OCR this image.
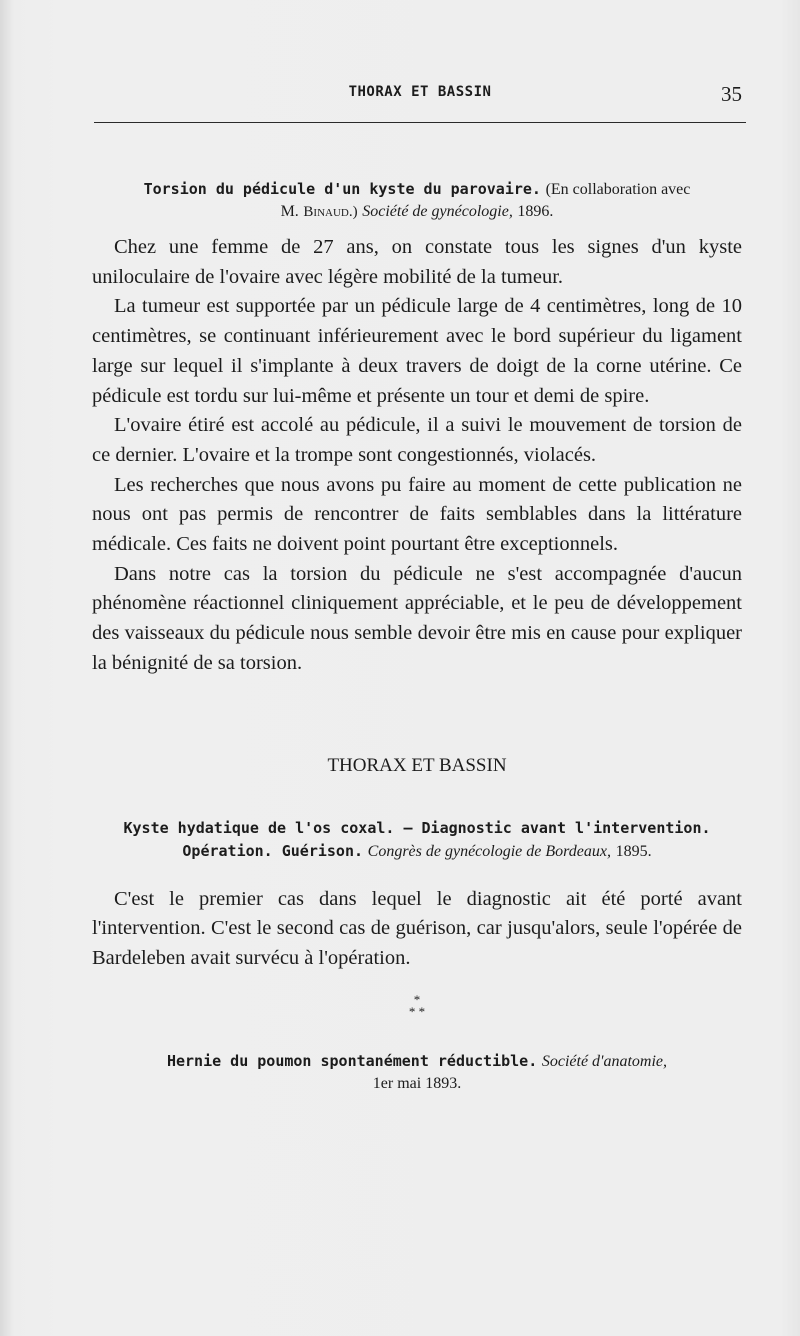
THORAX ET BASSIN	35
Torsion du pédicule d'un kyste du parovaire. (En collaboration avec
M. Binaud.) Société de gynécologie, 1896.

Chez une femme de 27 ans, on constate tous les signes d'un kyste uniloculaire de l'ovaire avec légère mobilité de la tumeur.

La tumeur est supportée par un pédicule large de 4 centimètres, long de 10 centimètres, se continuant inférieurement avec le bord supérieur du ligament large sur lequel il s'implante à deux travers de doigt de la corne utérine. Ce pédicule est tordu sur lui-même et présente un tour et demi de spire.

L'ovaire étiré est accolé au pédicule, il a suivi le mouvement de torsion de ce dernier. L'ovaire et la trompe sont congestionnés, violacés.

Les recherches que nous avons pu faire au moment de cette publication ne nous ont pas permis de rencontrer de faits semblables dans la littérature médicale. Ces faits ne doivent point pourtant être exceptionnels.

Dans notre cas la torsion du pédicule ne s'est accompagnée d'aucun phénomène réactionnel cliniquement appréciable, et le peu de développement des vaisseaux du pédicule nous semble devoir être mis en cause pour expliquer la bénignité de sa torsion.

THORAX ET BASSIN
Kyste hydatique de l'os coxal. — Diagnostic avant l'intervention.
Opération. Guérison. Congrès de gynécologie de Bordeaux, 1895.

C'est le premier cas dans lequel le diagnostic ait été porté avant l'intervention. C'est le second cas de guérison, car jusqu'alors, seule l'opérée de Bardeleben avait survécu à l'opération.

*
* *
Hernie du poumon spontanément réductible. Société d'anatomie,
1er mai 1893.
